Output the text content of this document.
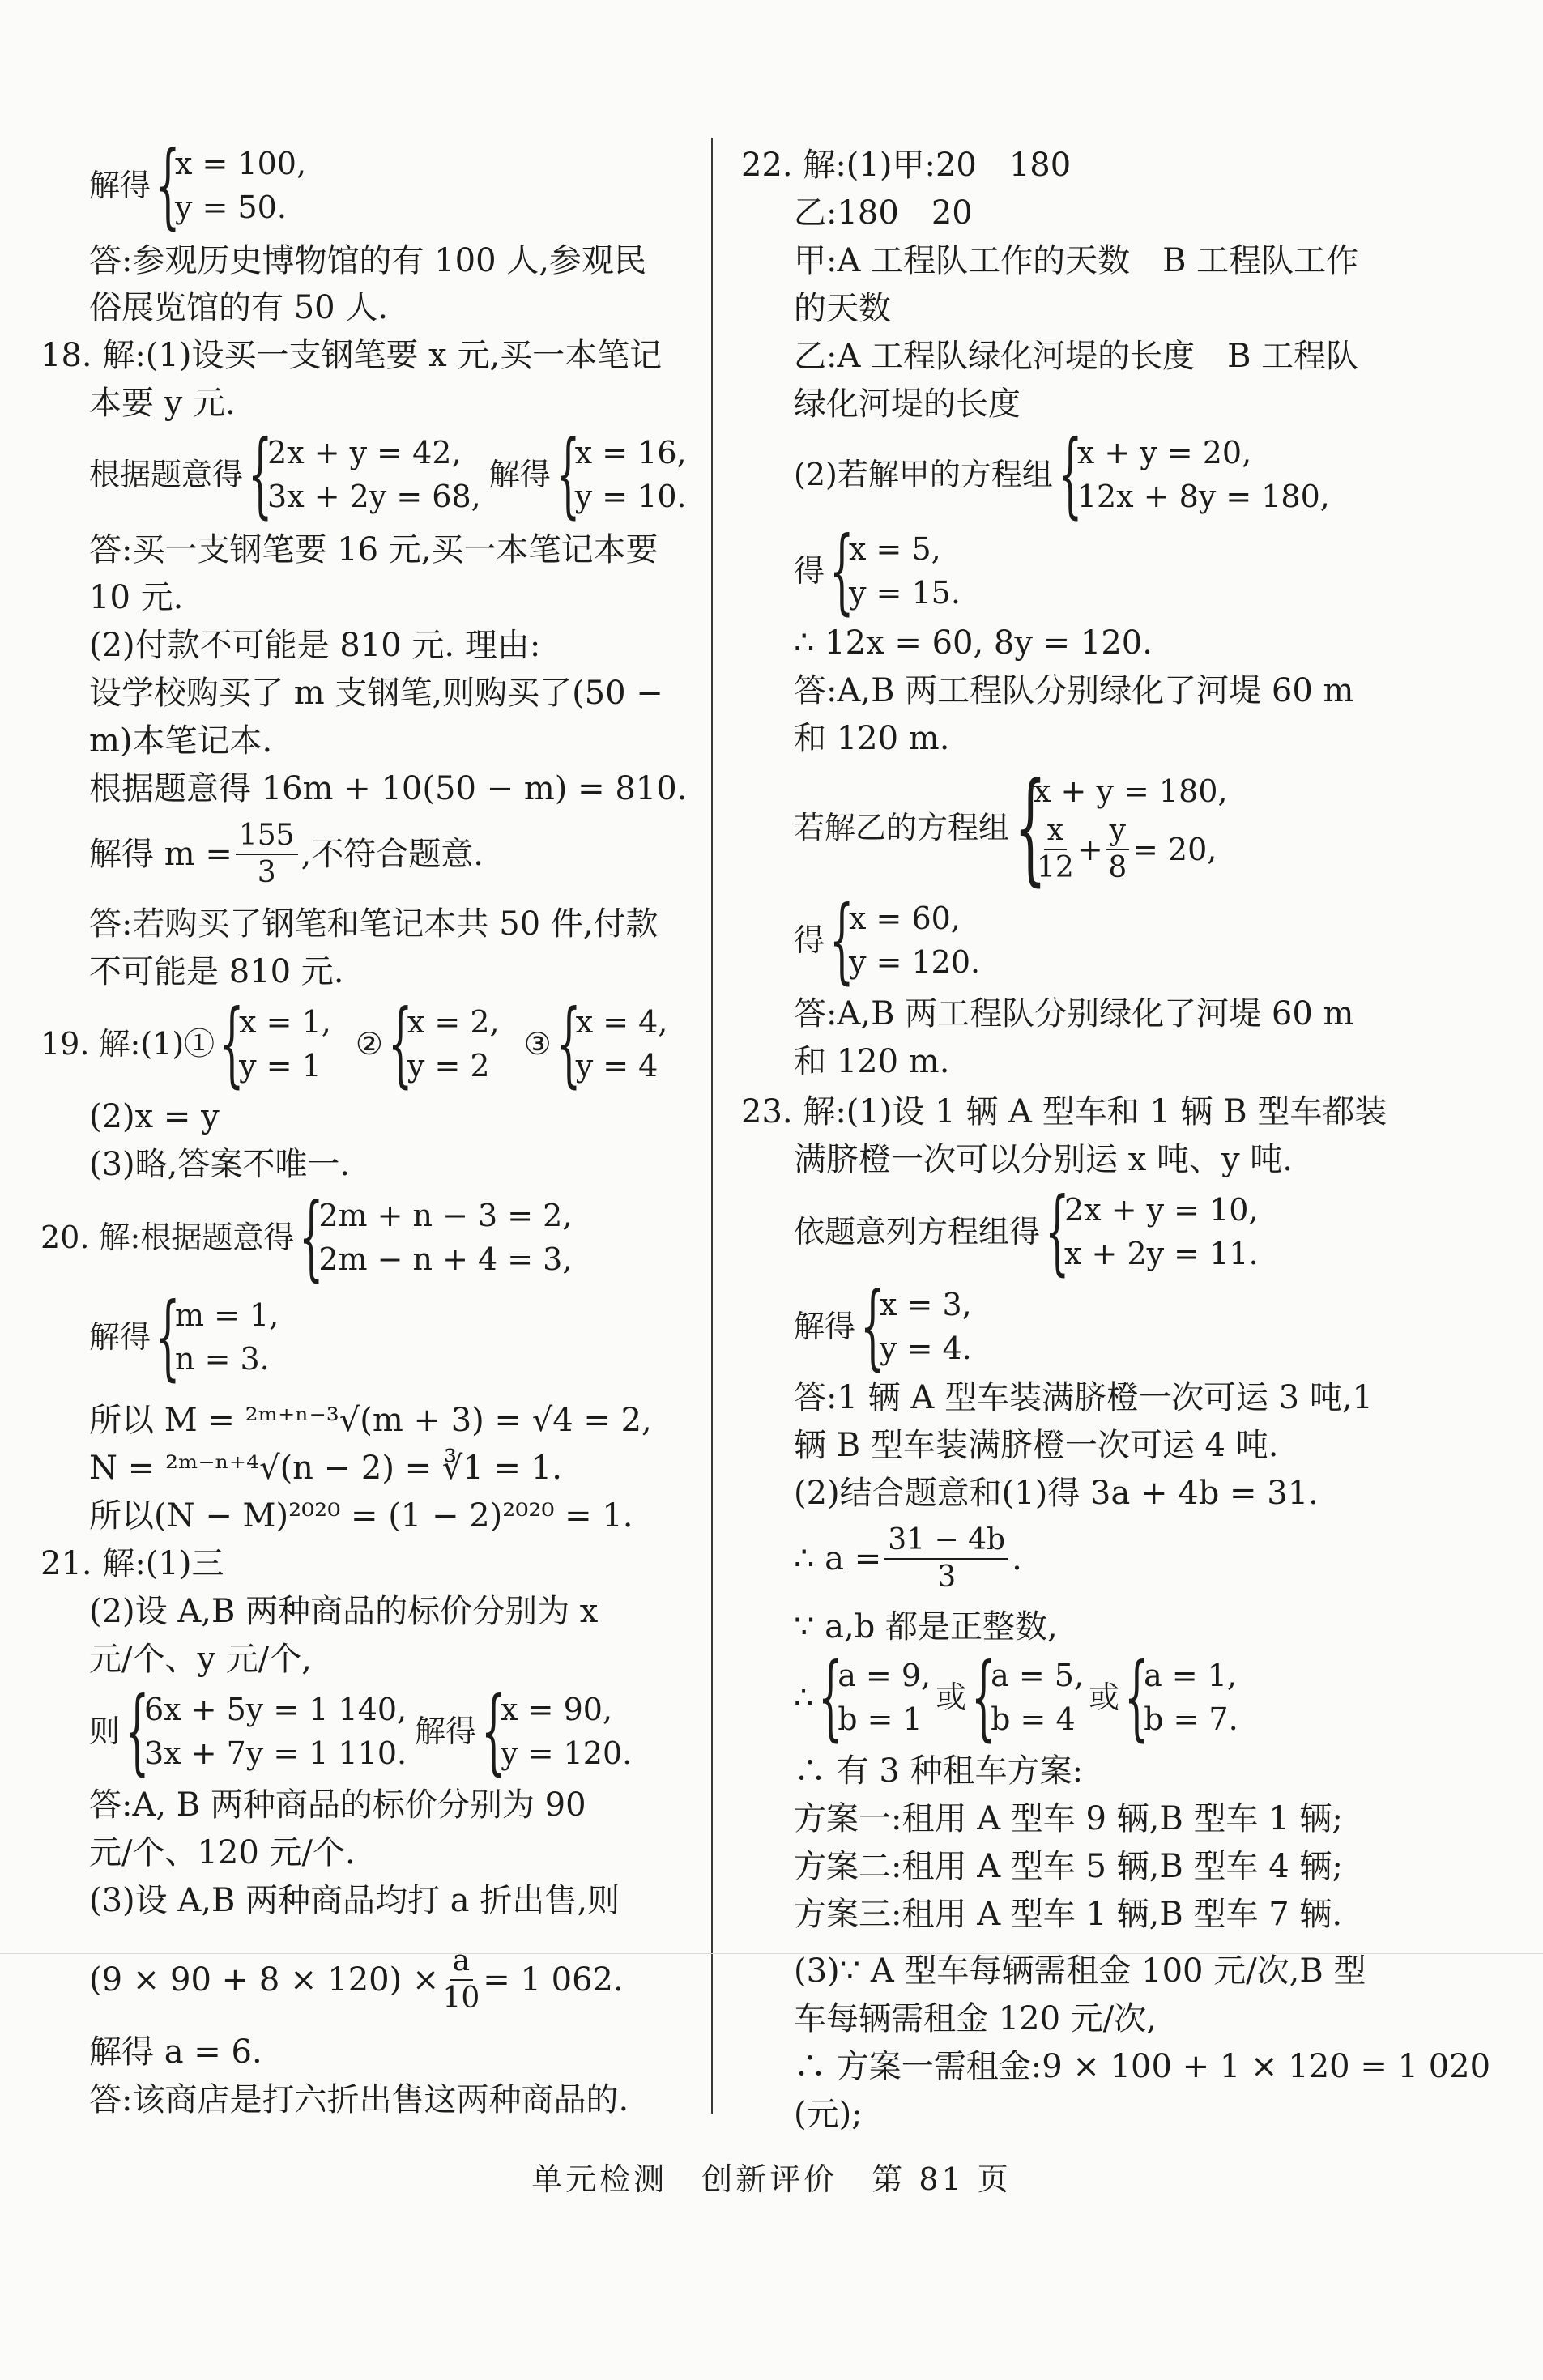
解得 {
x = 100,
y = 50.
答:参观历史博物馆的有 100 人,参观民
俗展览馆的有 50 人.
18. 解:(1)设买一支钢笔要 x 元,买一本笔记
本要 y 元.
根据题意得 {
2x + y = 42,
3x + 2y = 68,
解得 {
x = 16,
y = 10.
答:买一支钢笔要 16 元,买一本笔记本要
10 元.
(2)付款不可能是 810 元. 理由:
设学校购买了 m 支钢笔,则购买了(50 −
m)本笔记本.
根据题意得 16m + 10(50 − m) = 810.
解得 $m = \frac{155}{3}$ ,不符合题意.
答:若购买了钢笔和笔记本共 50 件,付款
不可能是 810 元.
19. 解:(1)① {
x = 1,
y = 1
② {
x = 2,
y = 2
③ {
x = 4,
y = 4
(2)x = y
(3)略,答案不唯一.
20. 解:根据题意得 {
2m + n − 3 = 2,
2m − n + 4 = 3,
解得 {
m = 1,
n = 3.
所以 M = ²ᵐ⁺ⁿ⁻³√(m + 3) = √4 = 2,
N = ²ᵐ⁻ⁿ⁺⁴√(n − 2) = ∛1 = 1.
所以(N − M)²⁰²⁰ = (1 − 2)²⁰²⁰ = 1.
21. 解:(1)三
(2)设 A,B 两种商品的标价分别为 x
元/个、y 元/个,
则 {
6x + 5y = 1 140,
3x + 7y = 1 110.
解得 {
x = 90,
y = 120.
答:A, B 两种商品的标价分别为 90
元/个、120 元/个.
(3)设 A,B 两种商品均打 a 折出售,则
$(9 \times 90 + 8 \times 120) \times \frac{a}{10} = 1$ 062.
解得 a = 6.
答:该商店是打六折出售这两种商品的.
22. 解:(1)甲:20　180
乙:180　20
甲:A 工程队工作的天数　B 工程队工作
的天数
乙:A 工程队绿化河堤的长度　B 工程队
绿化河堤的长度
(2)若解甲的方程组 {
x + y = 20,
12x + 8y = 180,
得 {
x = 5,
y = 15.
∴ 12x = 60, 8y = 120.
答:A,B 两工程队分别绿化了河堤 60 m
和 120 m.
若解乙的方程组 {
x + y = 180,
$\frac{x}{12} + \frac{y}{8} = 20$,
得 {
x = 60,
y = 120.
答:A,B 两工程队分别绿化了河堤 60 m
和 120 m.
23. 解:(1)设 1 辆 A 型车和 1 辆 B 型车都装
满脐橙一次可以分别运 x 吨、y 吨.
依题意列方程组得 {
2x + y = 10,
x + 2y = 11.
解得 {
x = 3,
y = 4.
答:1 辆 A 型车装满脐橙一次可运 3 吨,1
辆 B 型车装满脐橙一次可运 4 吨.
(2)结合题意和(1)得 3a + 4b = 31.
∴ $a = \frac{31 - 4b}{3}$ .
∵ a,b 都是正整数,
∴ {
a = 9,
b = 1
或 {
a = 5,
b = 4
或 {
a = 1,
b = 7.
∴ 有 3 种租车方案:
方案一:租用 A 型车 9 辆,B 型车 1 辆;
方案二:租用 A 型车 5 辆,B 型车 4 辆;
方案三:租用 A 型车 1 辆,B 型车 7 辆.
(3)∵ A 型车每辆需租金 100 元/次,B 型
车每辆需租金 120 元/次,
∴ 方案一需租金:9 × 100 + 1 × 120 = 1 020
(元);
单元检测　创新评价　第 81 页
